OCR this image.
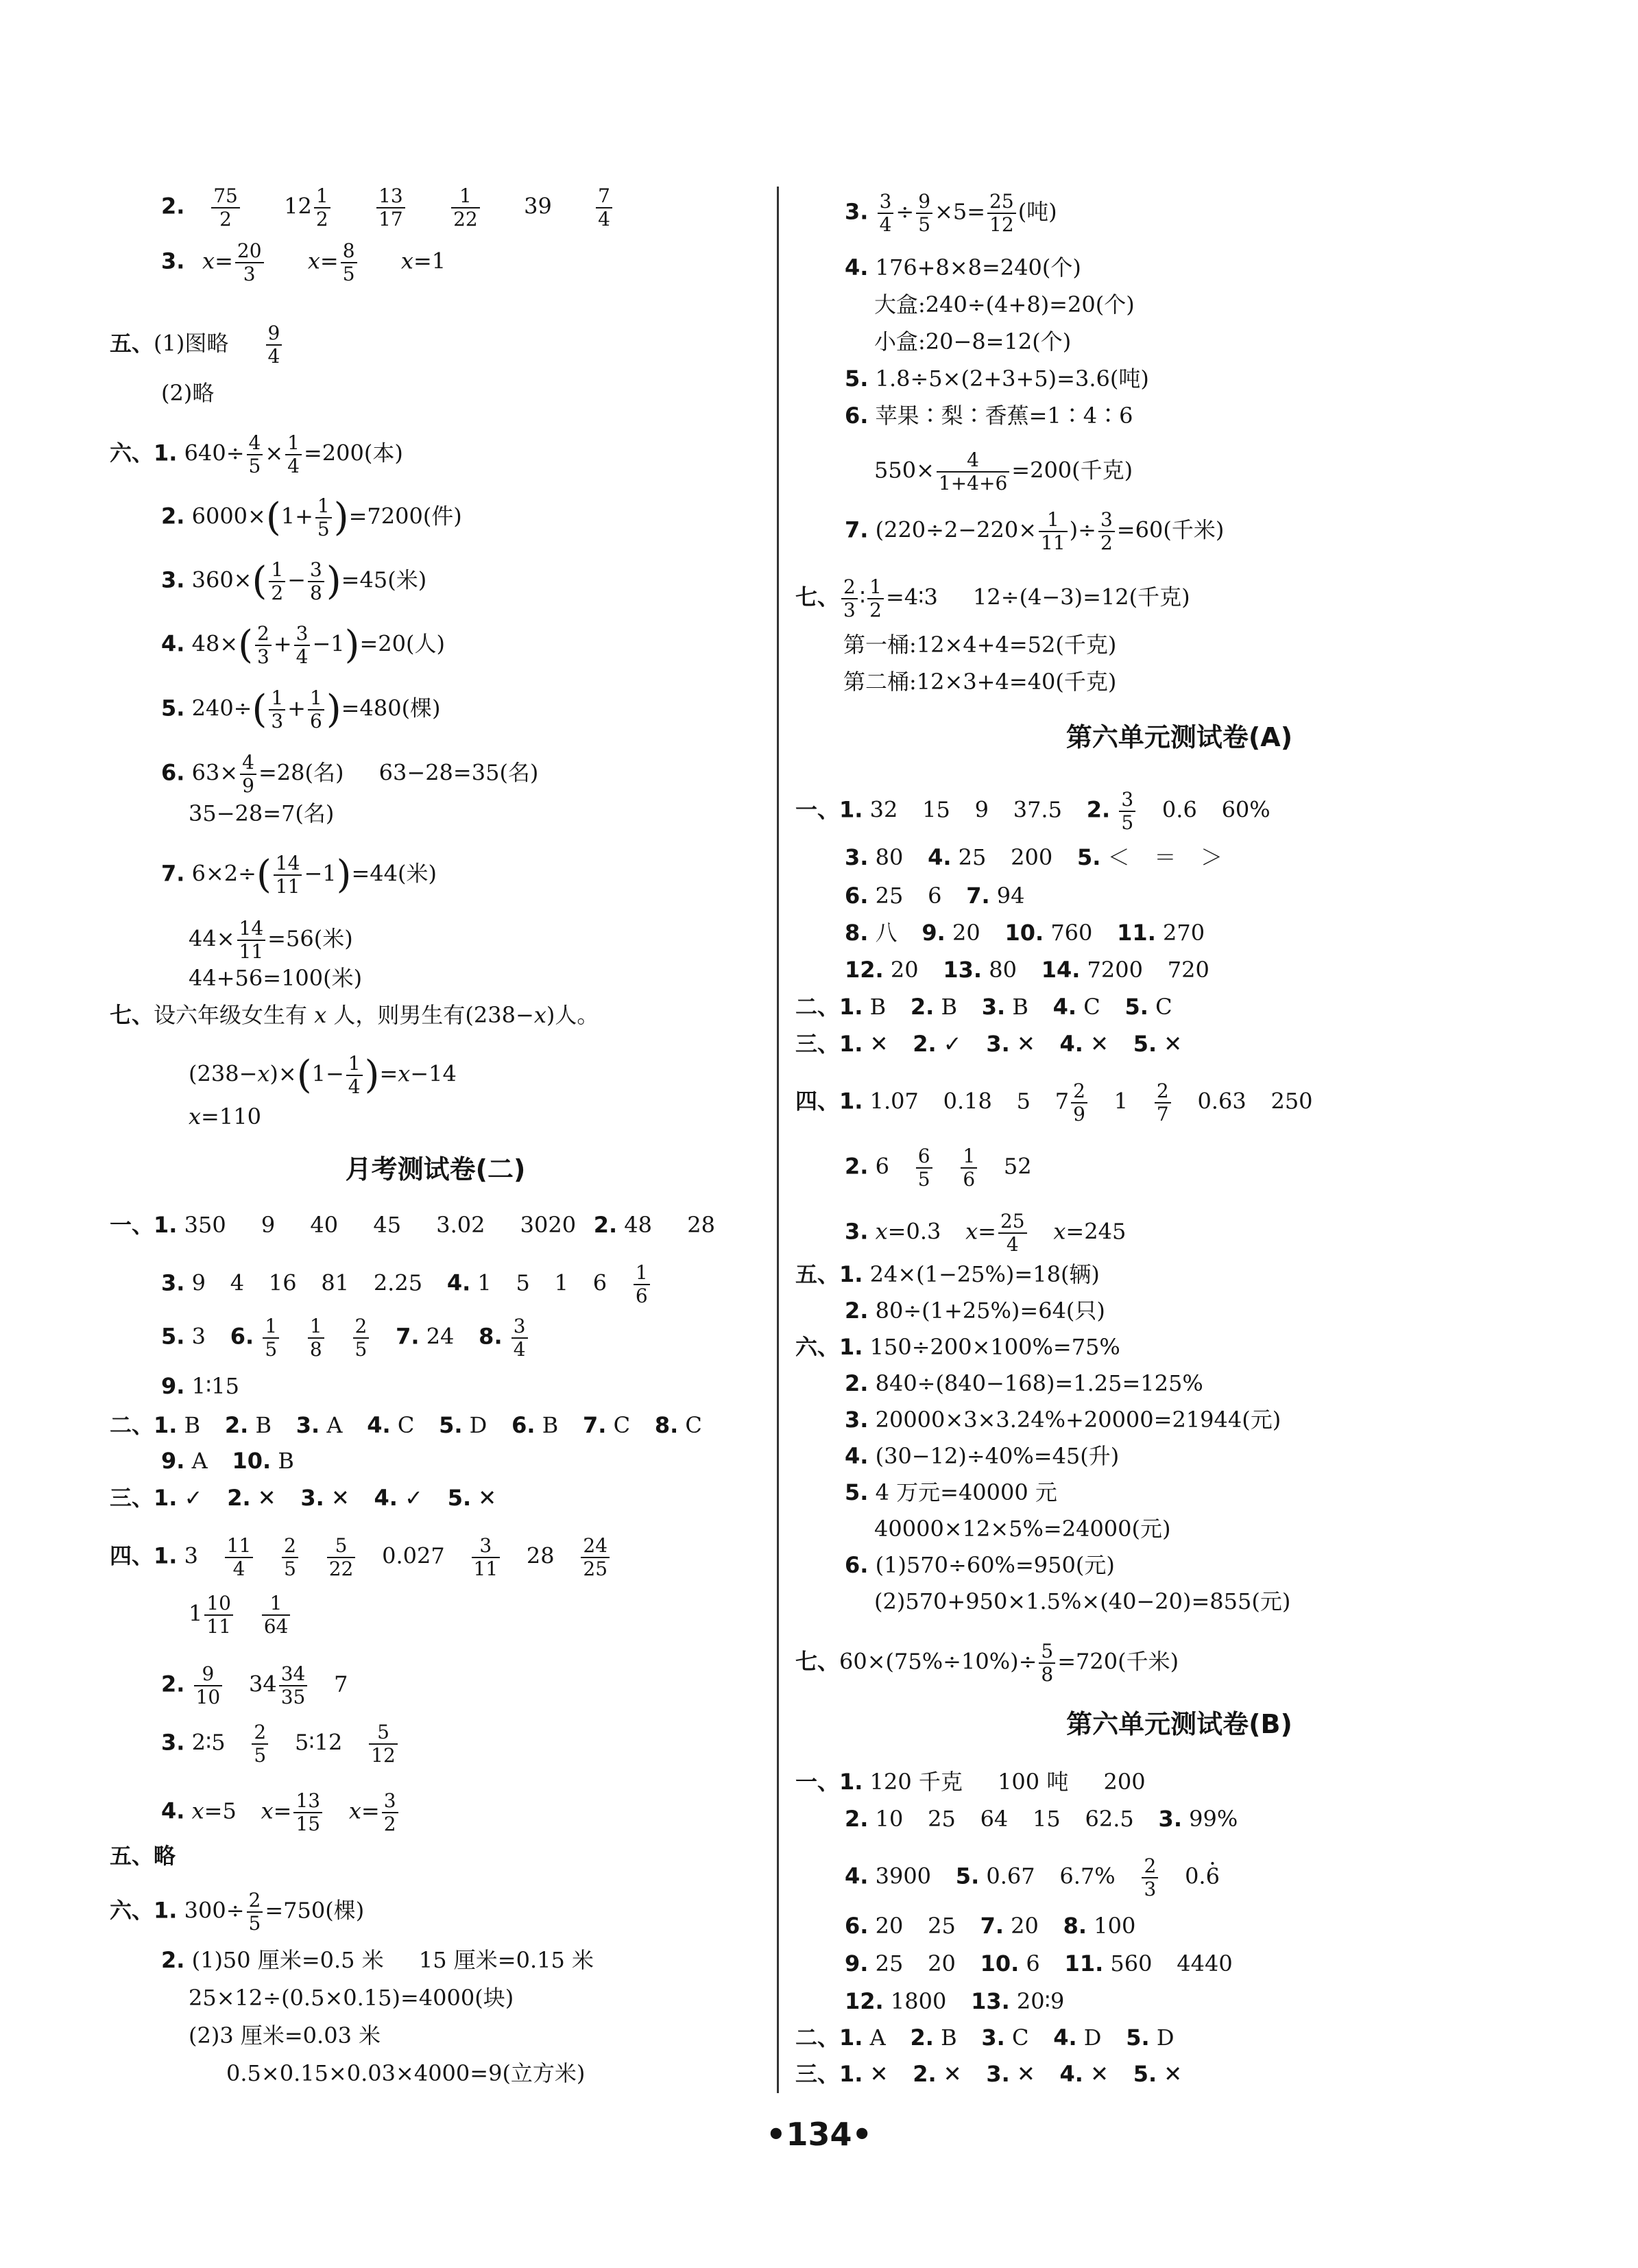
2. $\frac{75}{2} 12 \frac{1}{2}$
$\frac{13}{17}$
$\frac{1}{22} 39 \frac{7}{4}$
3. $x= \frac{20}{3} x= \frac{8}{5} x=1$
五、(1)图略 $\frac{9}{4}$
(2)略
六、1. $640\div \frac{4}{5} \times \frac{1}{4} =200$(本)
2. $6000\times(1+ \frac{1}{5} )=7200$(件)
3. $360\times( \frac{1}{2} - \frac{3}{8} )=45$(米)
4. $48\times( \frac{2}{3} + \frac{3}{4} -1)=20$(人)
5. $240\div( \frac{1}{3} + \frac{1}{6} )=480$(棵)
6. $63\times \frac{4}{9} =28$(名) 63−28=35(名)
35−28=7(名)
7. $6\times 2\div( \frac{14}{11} -1)=44$(米)
$44\times \frac{14}{11} =56$(米)
44+56=100(米)
七、设六年级女生有 x 人，则男生有(238−x)人。
$(238-x)\times(1- \frac{1}{4} )=x-14$
x=110
月考测试卷(二)
一、1. 350 9 40 45 3.02 3020 2. 48 28
3. 9 4 16 81 2.25 4. 1 5 1 $6 \frac{1}{6}$
5. 3 6. $\frac{1}{5}$
$\frac{1}{8}$
$\frac{2}{5} 7$. 24 8. $\frac{3}{4}$
9. 1∶15
二、1. B 2. B 3. A 4. C 5. D 6. B 7. C 8. C
9. A 10. B
三、1. ✓ 2. ✕ 3. ✕ 4. ✓ 5. ✕
四、1. $3 \frac{11}{4}$
$\frac{2}{5}$
$\frac{5}{22} 0.027 \frac{3}{11} 28 \frac{24}{25}$
$1 \frac{10}{11}$
$\frac{1}{64}$
2. $\frac{9}{10} 34 \frac{34}{35} 7$
3. 2∶5 $\frac{2}{5}$ 5∶12 $\frac{5}{12}$
4. x=5 $x= \frac{13}{15} x= \frac{3}{2}$
五、略
六、1. $300\div \frac{2}{5} =750$(棵)
2. (1)50 厘米=0.5 米 15 厘米=0.15 米
25×12÷(0.5×0.15)=4000(块)
(2)3 厘米=0.03 米
0.5×0.15×0.03×4000=9(立方米)
3. $\frac{3}{4} \div \frac{9}{5} \times 5= \frac{25}{12}$ (吨)
4. 176+8×8=240(个)
大盒:240÷(4+8)=20(个)
小盒:20−8=12(个)
5. 1.8÷5×(2+3+5)=3.6(吨)
6. 苹果∶梨∶香蕉=1∶4∶6
$550\times \frac{4}{1+4+6} =200$(千克)
7. ($220\div 2-220\times \frac{1}{11}$ )÷ $\frac{3}{2} =60$(千米)
七、 $\frac{2}{3}$ ∶ $\frac{1}{2}$ =4∶3 12÷(4−3)=12(千克)
第一桶:12×4+4=52(千克)
第二桶:12×3+4=40(千克)
第六单元测试卷(A)
一、1. 32 15 9 37.5 2. $\frac{3}{5} 0.6$ 60%
3. 80 4. 25 200 5. ＜ ＝ ＞
6. 25 6 7. 94
8. 八 9. 20 10. 760 11. 270
12. 20 13. 80 14. 7200 720
二、1. B 2. B 3. B 4. C 5. C
三、1. ✕ 2. ✓ 3. ✕ 4. ✕ 5. ✕
四、1. 1.07 0.18 5 $7 \frac{2}{9} 1 \frac{2}{7} 0.63$ 250
2. $6 \frac{6}{5}$
$\frac{1}{6} 52$
3. x=0.3 $x= \frac{25}{4} x=245$
五、1. 24×(1−25%)=18(辆)
2. 80÷(1+25%)=64(只)
六、1. 150÷200×100%=75%
2. 840÷(840−168)=1.25=125%
3. 20000×3×3.24%+20000=21944(元)
4. (30−12)÷40%=45(升)
5. 4 万元=40000 元
40000×12×5%=24000(元)
6. (1)570÷60%=950(元)
(2)570+950×1.5%×(40−20)=855(元)
七、$60\times(75\%\div 10\%)\div \frac{5}{8} =720$(千米)
第六单元测试卷(B)
一、1. 120 千克 100 吨 200
2. 10 25 64 15 62.5 3. 99%
4. 3900 5. 0.67 $6.7\% \frac{2}{3} 0.6$ ·
6. 20 25 7. 20 8. 100
9. 25 20 10. 6 11. 560 4440
12. 1800 13. 20∶9
二、1. A 2. B 3. C 4. D 5. D
三、1. ✕ 2. ✕ 3. ✕ 4. ✕ 5. ✕
•134•
